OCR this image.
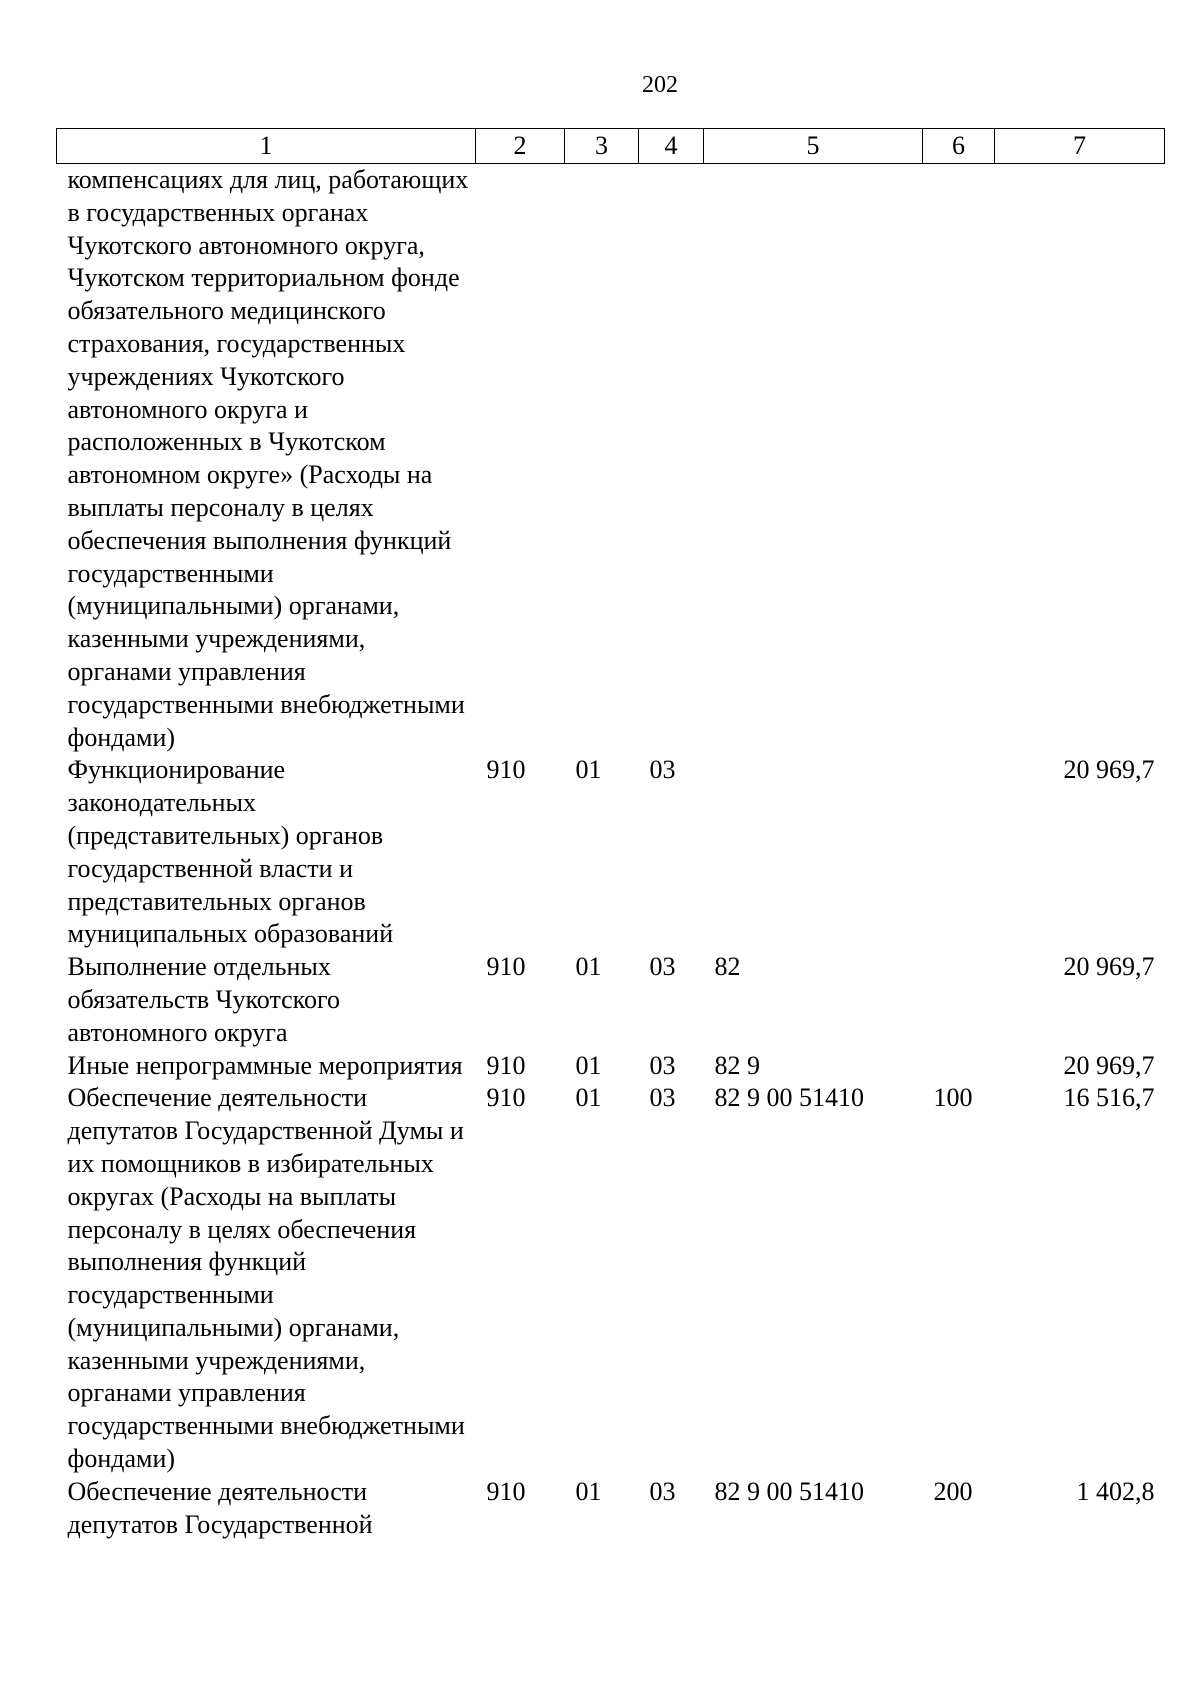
202
1	2	3	4	5	6	7
компенсациях для лиц, работающих в государственных органах Чукотского автономного округа, Чукотском территориальном фонде обязательного медицинского страхования, государственных учреждениях Чукотского автономного округа и расположенных в Чукотском автономном округе» (Расходы на выплаты персоналу в целях обеспечения выполнения функций государственными (муниципальными) органами, казенными учреждениями, органами управления государственными внебюджетными фондами)						
Функционирование законодательных (представительных) органов государственной власти и представительных органов муниципальных образований	910	01	03			20 969,7
Выполнение отдельных обязательств Чукотского автономного округа	910	01	03	82		20 969,7
Иные непрограммные мероприятия	910	01	03	82 9		20 969,7
Обеспечение деятельности депутатов Государственной Думы и их помощников в избирательных округах (Расходы на выплаты персоналу в целях обеспечения выполнения функций государственными (муниципальными) органами, казенными учреждениями, органами управления государственными внебюджетными фондами)	910	01	03	82 9 00 51410	100	16 516,7
Обеспечение деятельности депутатов Государственной	910	01	03	82 9 00 51410	200	1 402,8
